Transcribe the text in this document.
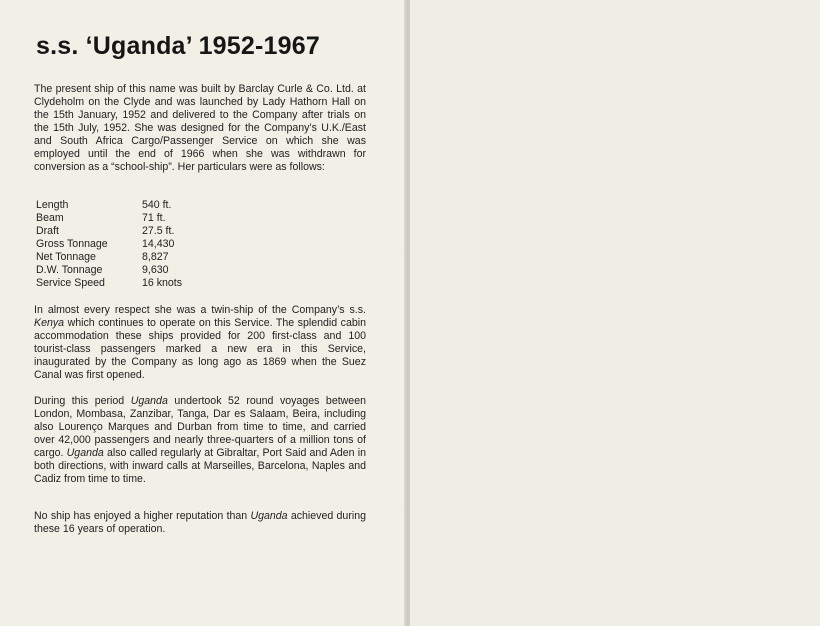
s.s. ‘Uganda’ 1952-1967

The present ship of this name was built by Barclay Curle & Co. Ltd. at Clydeholm on the Clyde and was launched by Lady Hathorn Hall on the 15th January, 1952 and delivered to the Company after trials on the 15th July, 1952. She was designed for the Company’s U.K./East and South Africa Cargo/Passenger Service on which she was employed until the end of 1966 when she was withdrawn for conversion as a “school-ship”. Her particulars were as follows:

Length	540 ft.
Beam	71 ft.
Draft	27.5 ft.
Gross Tonnage	14,430
Net Tonnage	8,827
D.W. Tonnage	9,630
Service Speed	16 knots

In almost every respect she was a twin-ship of the Company’s s.s. Kenya which continues to operate on this Service. The splendid cabin accommodation these ships provided for 200 first-class and 100 tourist-class passengers marked a new era in this Service, inaugurated by the Company as long ago as 1869 when the Suez Canal was first opened.

During this period Uganda undertook 52 round voyages between London, Mombasa, Zanzibar, Tanga, Dar es Salaam, Beira, including also Lourenço Marques and Durban from time to time, and carried over 42,000 passengers and nearly three-quarters of a million tons of cargo. Uganda also called regularly at Gibraltar, Port Said and Aden in both directions, with inward calls at Marseilles, Barcelona, Naples and Cadiz from time to time.

No ship has enjoyed a higher reputation than Uganda achieved during these 16 years of operation.
